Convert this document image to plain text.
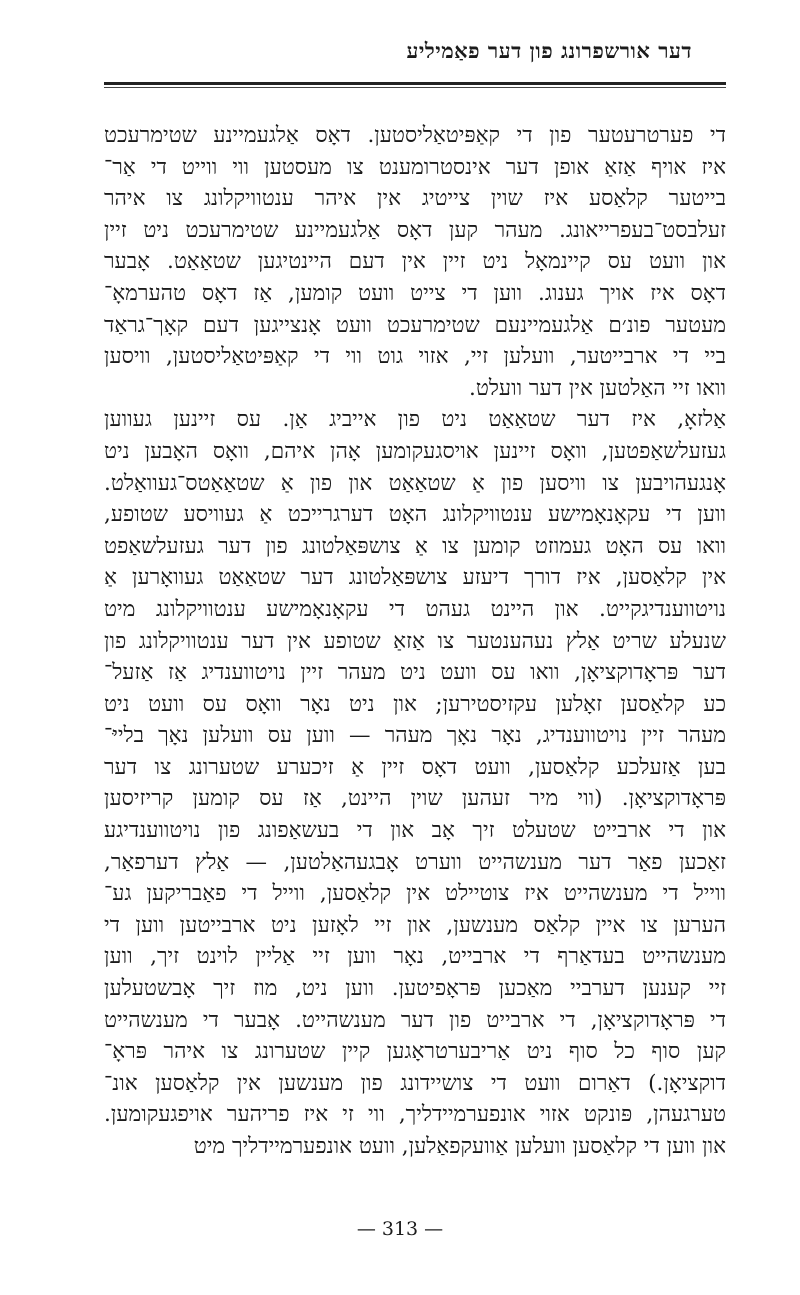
דער אורשפרונג פון דער פאַמיליע
די פערטרעטער פון די קאַפּיטאַליסטען. דאָס אַלגעמיינע שטימרעכט
איז אויף אַזאַ אופן דער אינסטרומענט צו מעסטען ווי ווייט די אַר־
בייטער קלאַסע איז שוין צייטיג אין איהר ענטוויקלונג צו איהר
זעלבסט־בעפרייאונג. מעהר קען דאָס אַלגעמיינע שטימרעכט ניט זיין
און וועט עס קיינמאָל ניט זיין אין דעם היינטיגען שטאַאַט. אָבער
דאָס איז אויך גענוג. ווען די צייט וועט קומען, אַז דאָס טהערמאָ־
מעטער פונ׳ם אַלגעמיינעם שטימרעכט וועט אָנצייגען דעם קאָך־גראַד
ביי די ארבייטער, וועלען זיי, אזוי גוט ווי די קאַפּיטאַליסטען, וויסען
וואו זיי האַלטען אין דער וועלט.
אַלזאָ, איז דער שטאַאַט ניט פון אייביג אַן. עס זיינען געווען
געזעלשאַפטען, וואָס זיינען אויסגעקומען אָהן איהם, וואָס האָבען ניט
אָנגעהויבען צו וויסען פון אַ שטאַאַט און פון אַ שטאַאַטס־געוואַלט.
ווען די עקאָנאָמישע ענטוויקלונג האָט דערגרייכט אַ געוויסע שטופע,
וואו עס האָט געמוזט קומען צו אַ צושפּאַלטונג פון דער געזעלשאַפט
אין קלאַסען, איז דורך דיעזע צושפּאַלטונג דער שטאַאַט געוואָרען אַ
נויטווענדיגקייט. און היינט געהט די עקאָנאָמישע ענטוויקלונג מיט
שנעלע שריט אַלץ נעהענטער צו אַזאַ שטופע אין דער ענטוויקלונג פון
דער פּראָדוקציאָן, וואו עס וועט ניט מעהר זיין נויטווענדיג אַז אַזעל־
כע קלאַסען זאָלען עקזיסטירען; און ניט נאָר וואָס עס וועט ניט
מעהר זיין נויטווענדיג, נאָר נאָך מעהר — ווען עס וועלען נאָך בלייּ־
בען אַזעלכע קלאַסען, וועט דאָס זיין אַ זיכערע שטערונג צו דער
פּראָדוקציאָן. (ווי מיר זעהען שוין היינט, אַז עס קומען קריזיסען
און די ארבייט שטעלט זיך אָב און די בעשאַפונג פון נויטווענדיגע
זאַכען פאַר דער מענשהייט ווערט אָבגעהאַלטען, — אַלץ דערפאַר,
ווייל די מענשהייט איז צוטיילט אין קלאַסען, ווייל די פאַבריקען גע־
הערען צו איין קלאַס מענשען, און זיי לאָזען ניט ארבייטען ווען די
מענשהייט בעדאַרף די ארבייט, נאָר ווען זיי אַליין לוינט זיך, ווען
זיי קענען דערביי מאַכען פּראָפיטען. ווען ניט, מוז זיך אָבשטעלען
די פּראָדוקציאָן, די ארבייט פון דער מענשהייט. אָבער די מענשהייט
קען סוף כל סוף ניט אַריבערטראָגען קיין שטערונג צו איהר פּראָ־
דוקציאָן.) דאַרום וועט די צושיידונג פון מענשען אין קלאַסען אונ־
טערגעהן, פּונקט אזוי אונפערמיידליך, ווי זי איז פריהער אויפגעקומען.
און ווען די קלאַסען וועלען אַוועקפאַלען, וועט אונפערמיידליך מיט
— 313 —
